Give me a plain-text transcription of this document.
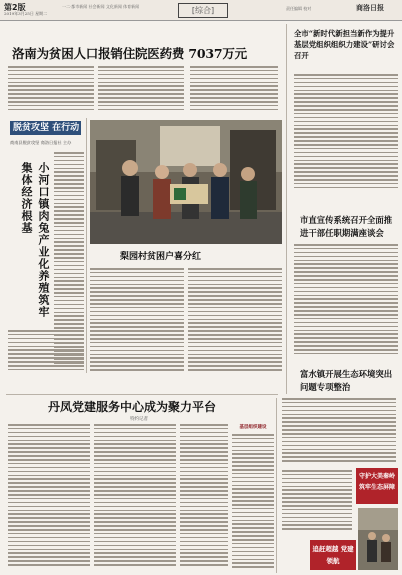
第2版
2019年3月25日 星期二
一二·都市新闻 社会新闻 文化新闻 体育新闻	[综合]	责任编辑 校对	商洛日报
洛南为贫困人口报销住院医药费 7037万元
脱贫攻坚 在行动
商南县脱贫攻坚 商洛日报社 主办
小河口镇肉兔产业化养殖筑牢集体经济根基
梨园村贫困户喜分红
全市“新时代新担当新作为提升基层党组织组织力建设”研讨会召开
市直宣传系统召开全面推进干部任职期满座谈会
富水镇开展生态环境突出问题专项整治
守护大美秦岭 筑牢生态屏障
追赶超越 党建领航
丹凤党建服务中心成为聚力平台
特约记者
基层组织建设
